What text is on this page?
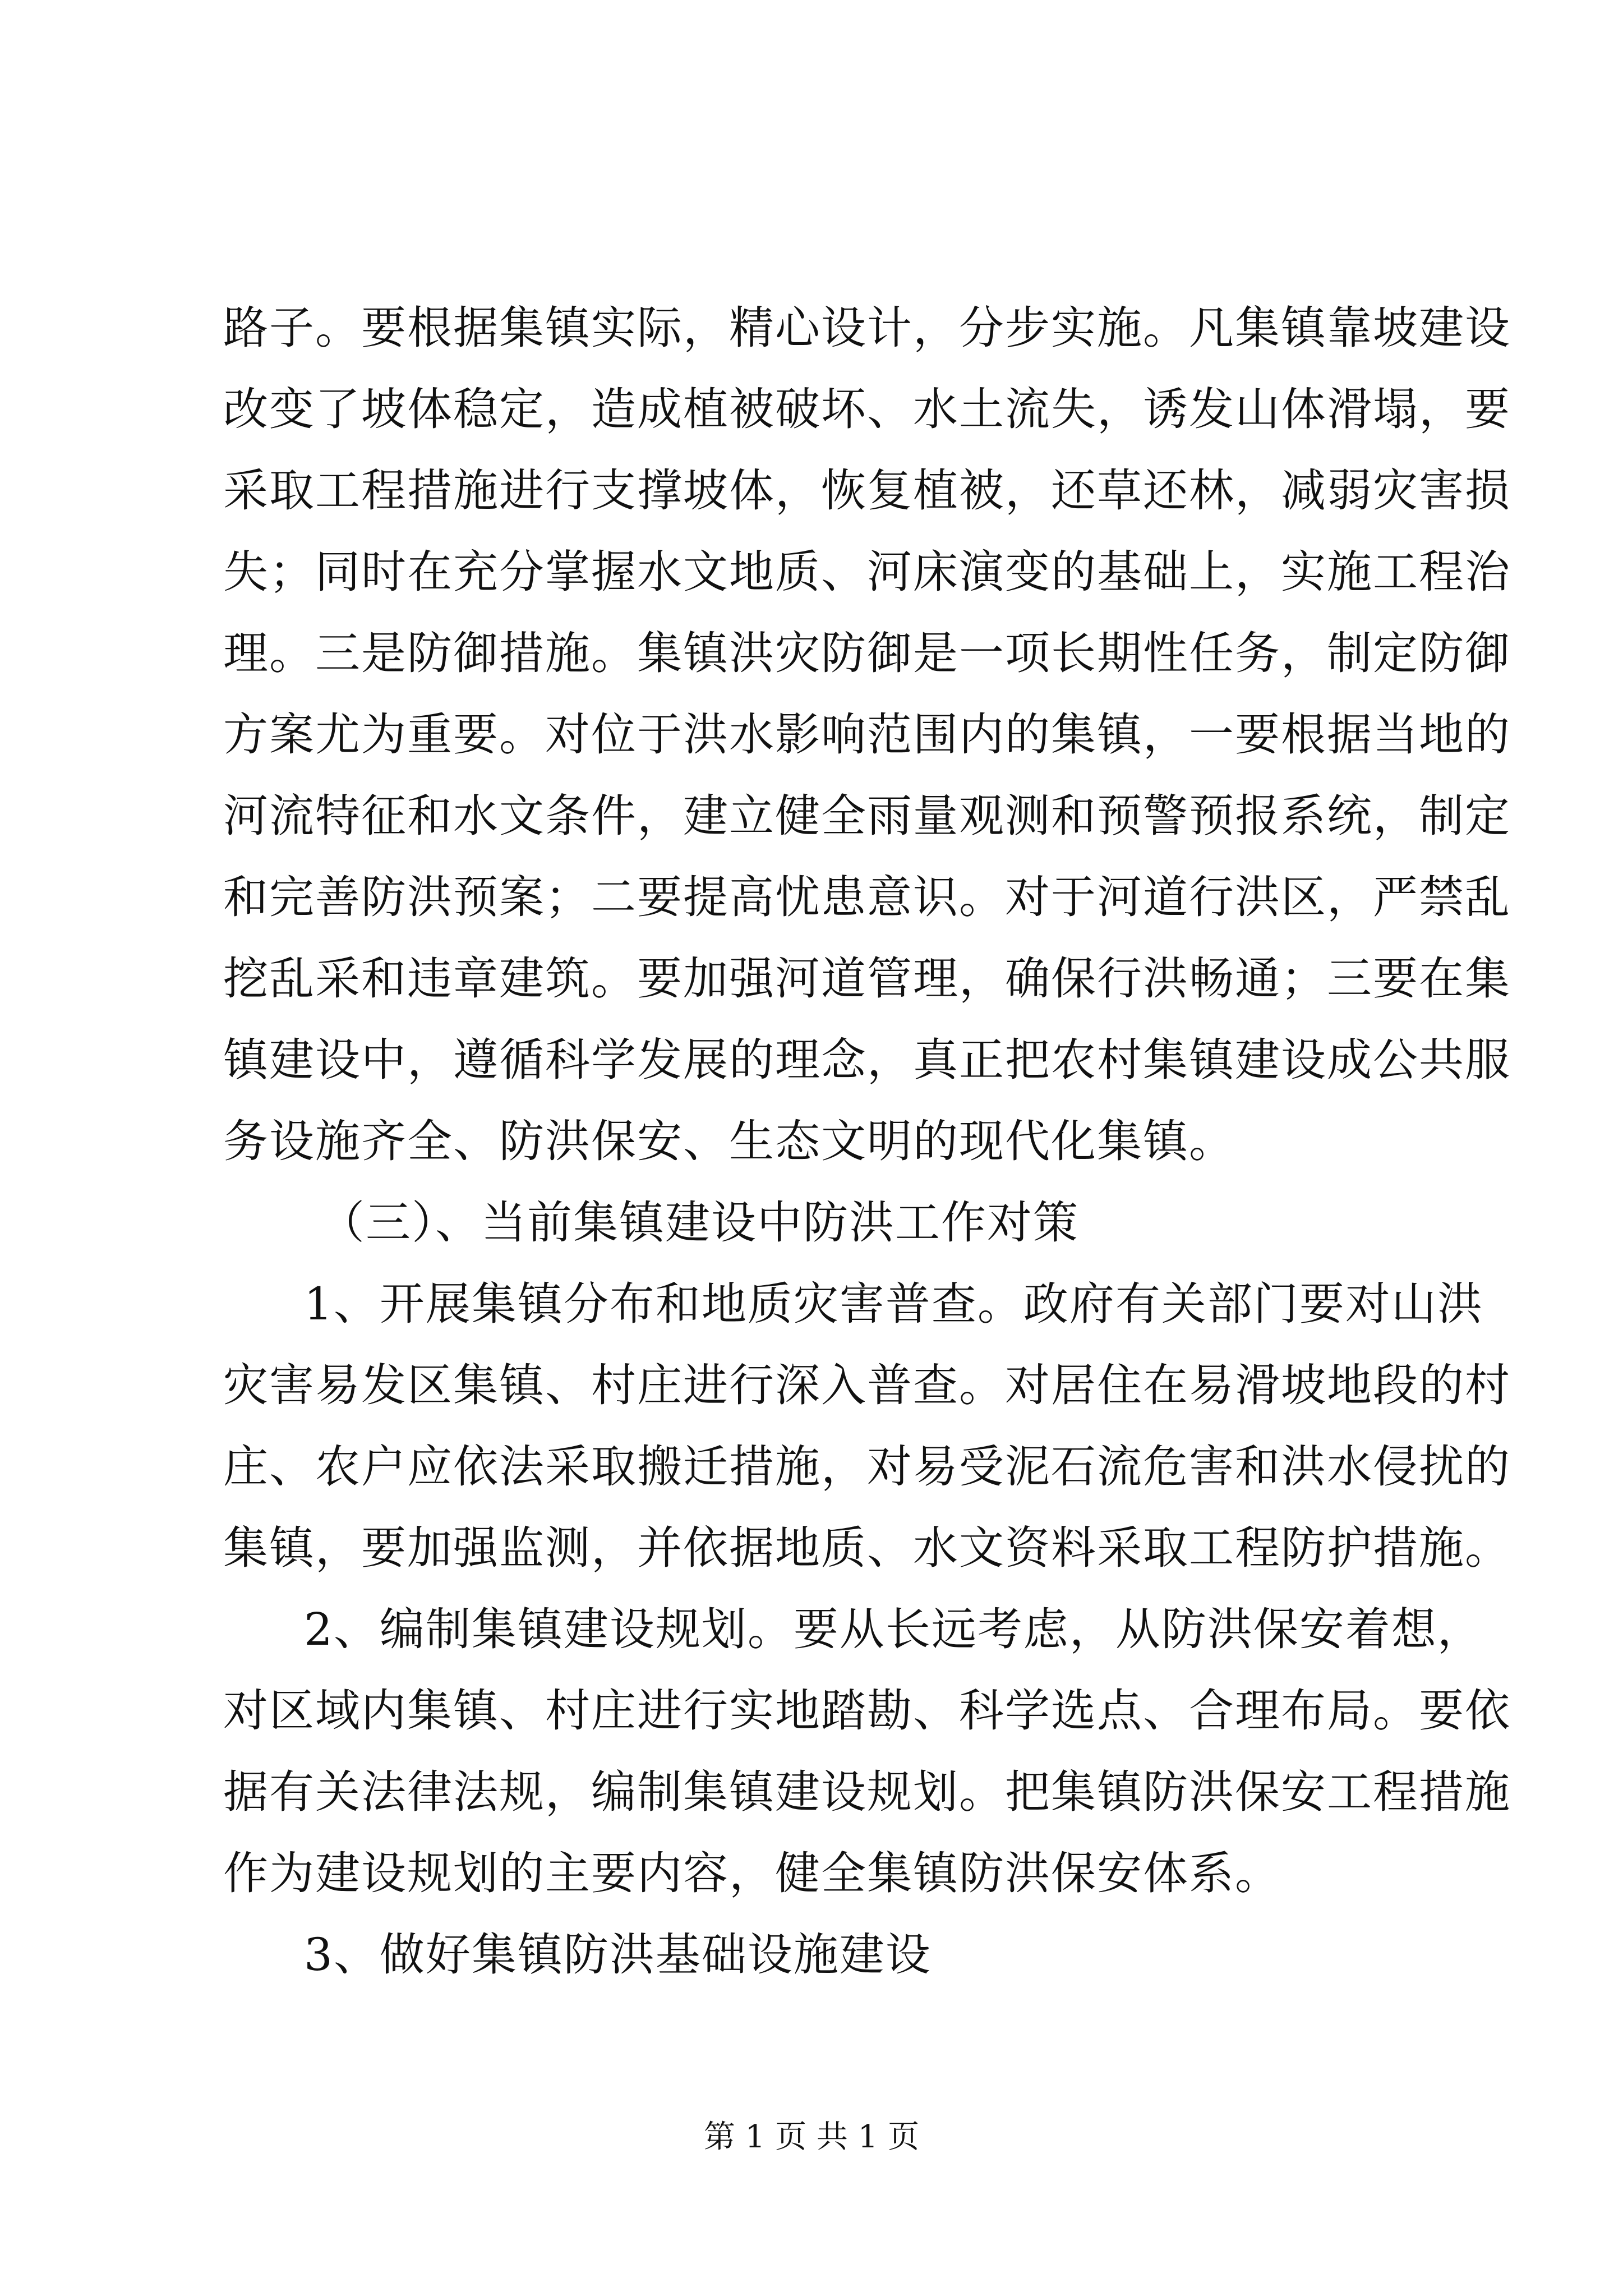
路子。要根据集镇实际，精心设计，分步实施。凡集镇靠坡建设
改变了坡体稳定，造成植被破坏、水土流失，诱发山体滑塌，要
采取工程措施进行支撑坡体，恢复植被，还草还林，减弱灾害损
失；同时在充分掌握水文地质、河床演变的基础上，实施工程治
理。三是防御措施。集镇洪灾防御是一项长期性任务，制定防御
方案尤为重要。对位于洪水影响范围内的集镇，一要根据当地的
河流特征和水文条件，建立健全雨量观测和预警预报系统，制定
和完善防洪预案；二要提高忧患意识。对于河道行洪区，严禁乱
挖乱采和违章建筑。要加强河道管理，确保行洪畅通；三要在集
镇建设中，遵循科学发展的理念，真正把农村集镇建设成公共服
务设施齐全、防洪保安、生态文明的现代化集镇。
（三）、当前集镇建设中防洪工作对策
1、开展集镇分布和地质灾害普查。政府有关部门要对山洪
灾害易发区集镇、村庄进行深入普查。对居住在易滑坡地段的村
庄、农户应依法采取搬迁措施，对易受泥石流危害和洪水侵扰的
集镇，要加强监测，并依据地质、水文资料采取工程防护措施。
2、编制集镇建设规划。要从长远考虑，从防洪保安着想，
对区域内集镇、村庄进行实地踏勘、科学选点、合理布局。要依
据有关法律法规，编制集镇建设规划。把集镇防洪保安工程措施
作为建设规划的主要内容，健全集镇防洪保安体系。
3、做好集镇防洪基础设施建设
第 1 页 共 1 页
